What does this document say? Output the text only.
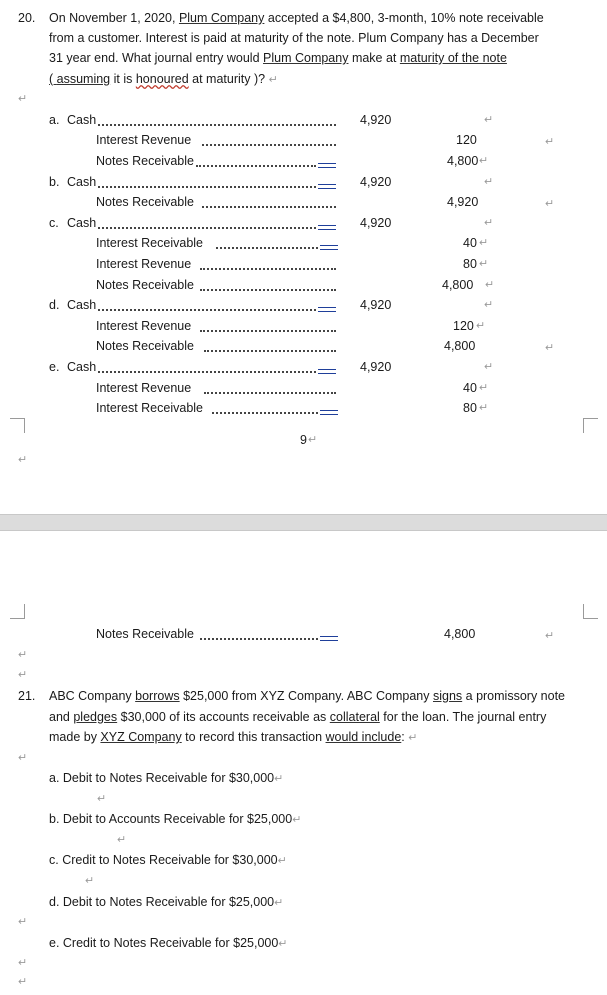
20. On November 1, 2020, Plum Company accepted a $4,800, 3-month, 10% note receivable
from a customer. Interest is paid at maturity of the note. Plum Company has a December
31 year end. What journal entry would Plum Company make at maturity of the note
( assuming it is honoured at maturity )? ↵
↵
a. Cash	4,920	↵
Interest Revenue	120	↵
Notes Receivable	4,800 ↵
b. Cash	4,920	↵
Notes Receivable	4,920	↵
c. Cash	4,920	↵
Interest Receivable	40 ↵
Interest Revenue	80 ↵
Notes Receivable	4,800 ↵
d. Cash	4,920	↵
Interest Revenue	120 ↵
Notes Receivable	4,800	↵
e. Cash	4,920	↵
Interest Revenue	40 ↵
Interest Receivable	80 ↵
9 ↵
↵
Notes Receivable	4,800	↵
↵
↵
21. ABC Company borrows $25,000 from XYZ Company. ABC Company signs a promissory note
and pledges $30,000 of its accounts receivable as collateral for the loan. The journal entry
made by XYZ Company to record this transaction would include: ↵
↵
a. Debit to Notes Receivable for $30,000↵
↵
b. Debit to Accounts Receivable for $25,000↵
↵
c. Credit to Notes Receivable for $30,000↵
↵
d. Debit to Notes Receivable for $25,000↵
↵
e. Credit to Notes Receivable for $25,000↵
↵
↵
